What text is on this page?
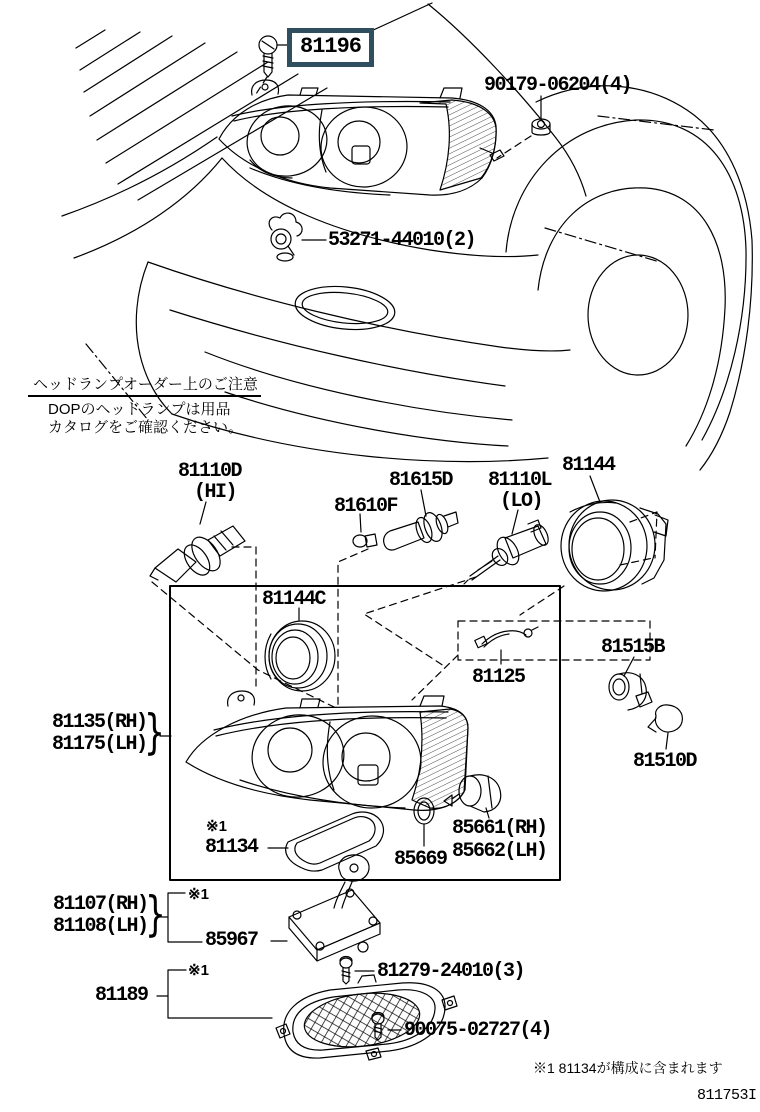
81196
90179-06204(4)
53271-44010(2)
81110D
(HI)
81610F
81615D 81110L
(LO)
81144
81144C
81125
81515B
81510D
81135(RH)
81175(LH)
}
※1
81134
85669
85661(RH)
85662(LH)
81107(RH)
81108(LH)
} ※1
85967
81279-24010(3)
※1
81189
90075-02727(4)
ヘッドランプオーダー上のご注意
DOPのヘッドランプは用品
カタログをご確認ください。
※1 81134が構成に含まれます
811753I
